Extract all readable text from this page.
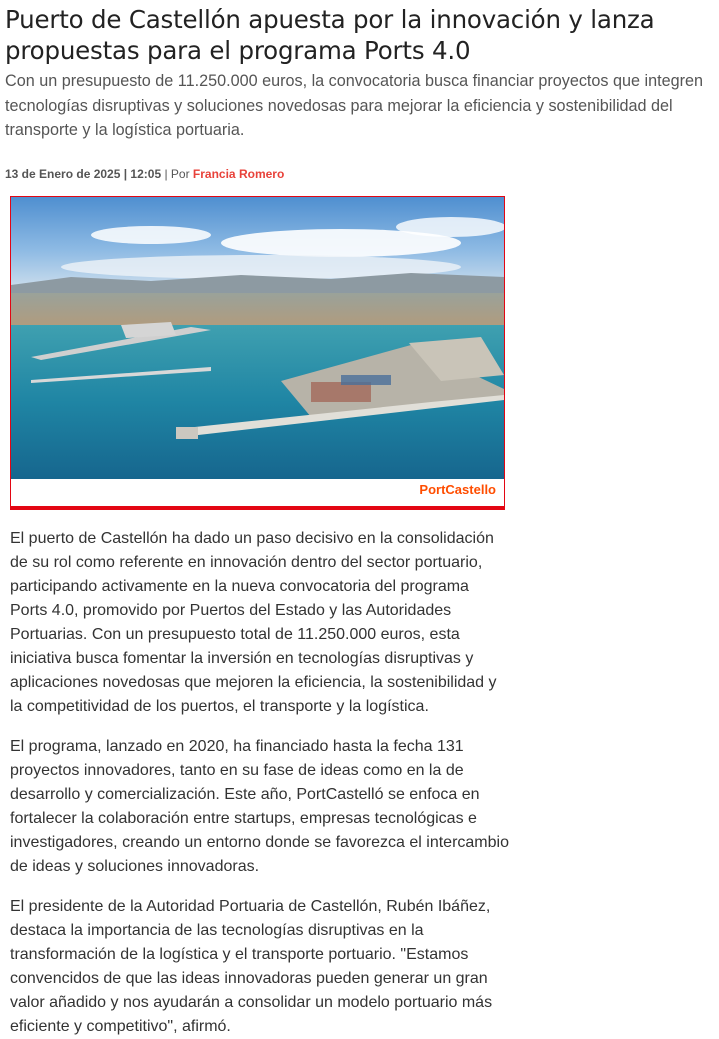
Puerto de Castellón apuesta por la innovación y lanza propuestas para el programa Ports 4.0

Con un presupuesto de 11.250.000 euros, la convocatoria busca financiar proyectos que integren tecnologías disruptivas y soluciones novedosas para mejorar la eficiencia y sostenibilidad del transporte y la logística portuaria.

13 de Enero de 2025 | 12:05 | Por Francia Romero
PortCastello

El puerto de Castellón ha dado un paso decisivo en la consolidación de su rol como referente en innovación dentro del sector portuario, participando activamente en la nueva convocatoria del programa Ports 4.0, promovido por Puertos del Estado y las Autoridades Portuarias. Con un presupuesto total de 11.250.000 euros, esta iniciativa busca fomentar la inversión en tecnologías disruptivas y aplicaciones novedosas que mejoren la eficiencia, la sostenibilidad y la competitividad de los puertos, el transporte y la logística.

El programa, lanzado en 2020, ha financiado hasta la fecha 131 proyectos innovadores, tanto en su fase de ideas como en la de desarrollo y comercialización. Este año, PortCastelló se enfoca en fortalecer la colaboración entre startups, empresas tecnológicas e investigadores, creando un entorno donde se favorezca el intercambio de ideas y soluciones innovadoras.

El presidente de la Autoridad Portuaria de Castellón, Rubén Ibáñez, destaca la importancia de las tecnologías disruptivas en la transformación de la logística y el transporte portuario. "Estamos convencidos de que las ideas innovadoras pueden generar un gran valor añadido y nos ayudarán a consolidar un modelo portuario más eficiente y competitivo", afirmó.
